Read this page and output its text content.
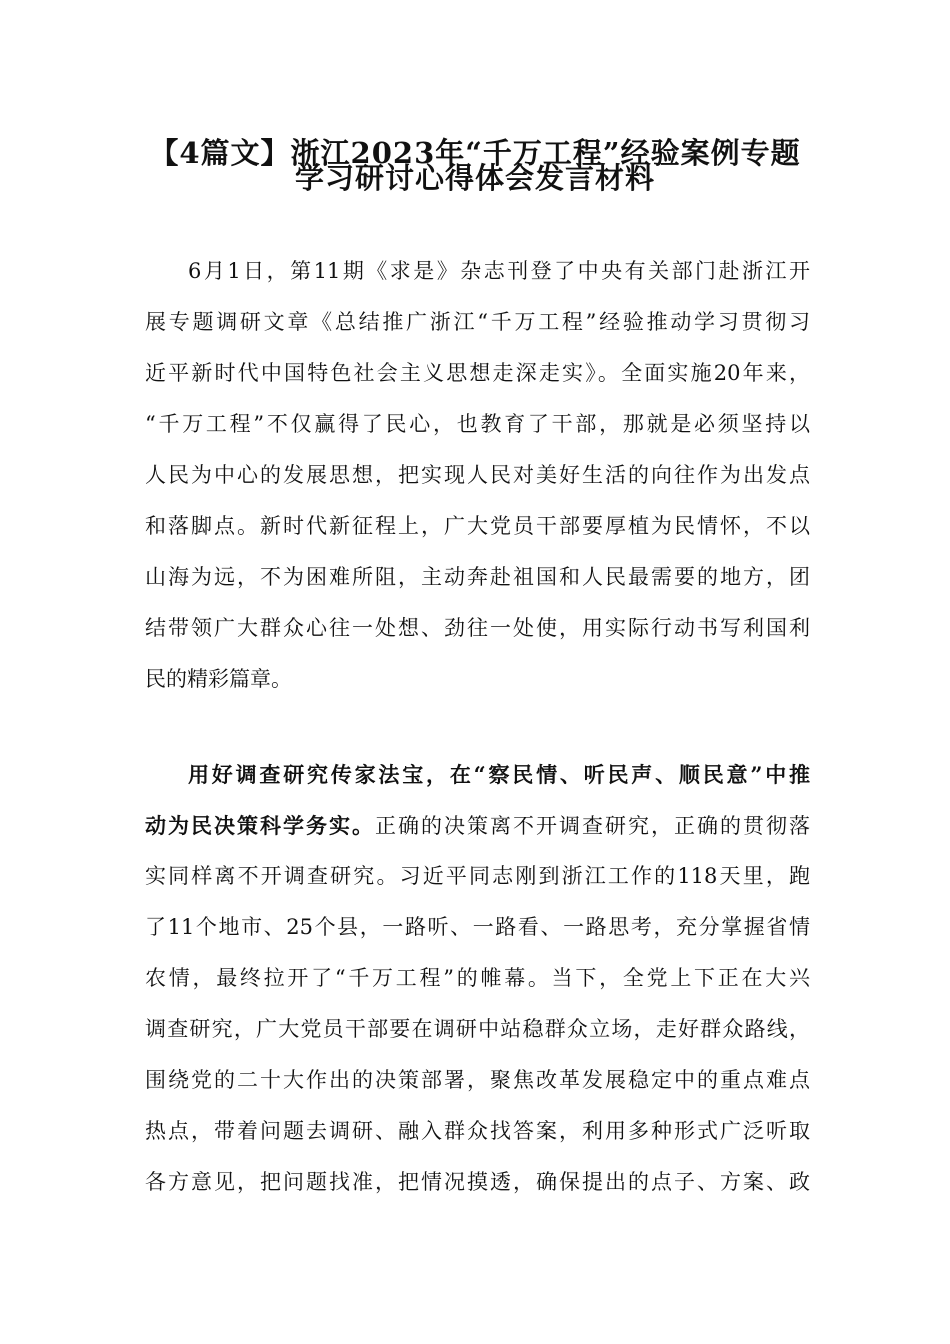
【4篇文】浙江2023年“千万工程”经验案例专题
学习研讨心得体会发言材料
6月1日，第11期《求是》杂志刊登了中央有关部门赴浙江开
展专题调研文章《总结推广浙江“千万工程”经验推动学习贯彻习
近平新时代中国特色社会主义思想走深走实》。全面实施20年来，
“千万工程”不仅赢得了民心，也教育了干部，那就是必须坚持以
人民为中心的发展思想，把实现人民对美好生活的向往作为出发点
和落脚点。新时代新征程上，广大党员干部要厚植为民情怀，不以
山海为远，不为困难所阻，主动奔赴祖国和人民最需要的地方，团
结带领广大群众心往一处想、劲往一处使，用实际行动书写利国利
民的精彩篇章。
用好调查研究传家法宝，在“察民情、听民声、顺民意”中推
动为民决策科学务实。正确的决策离不开调查研究，正确的贯彻落
实同样离不开调查研究。习近平同志刚到浙江工作的118天里，跑
了11个地市、25个县，一路听、一路看、一路思考，充分掌握省情
农情，最终拉开了“千万工程”的帷幕。当下，全党上下正在大兴
调查研究，广大党员干部要在调研中站稳群众立场，走好群众路线，
围绕党的二十大作出的决策部署，聚焦改革发展稳定中的重点难点
热点，带着问题去调研、融入群众找答案，利用多种形式广泛听取
各方意见，把问题找准，把情况摸透，确保提出的点子、方案、政
